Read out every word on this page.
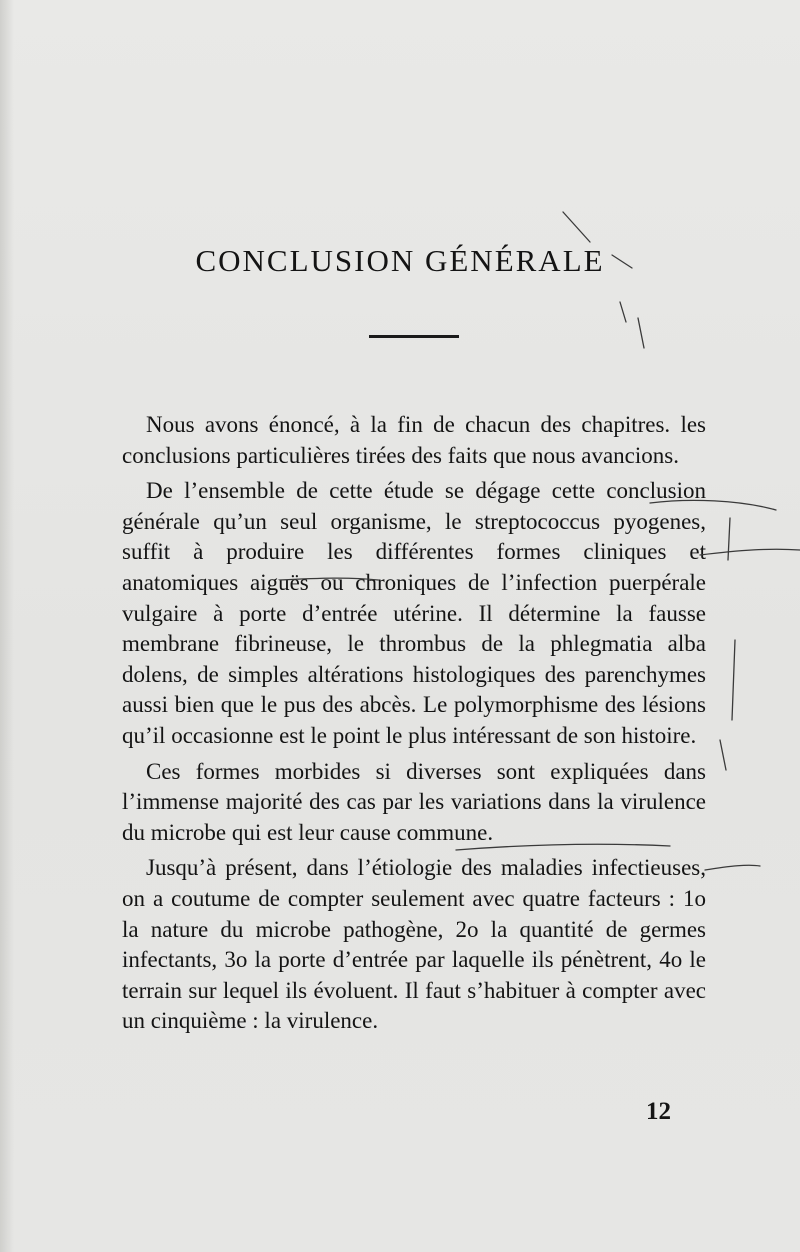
CONCLUSION GÉNÉRALE

Nous avons énoncé, à la fin de chacun des chapitres. les conclusions particulières tirées des faits que nous avancions.

De l’ensemble de cette étude se dégage cette conclusion générale qu’un seul organisme, le streptococcus pyogenes, suffit à produire les différentes formes cliniques et anatomiques aiguës ou chroniques de l’infection puerpérale vulgaire à porte d’entrée utérine. Il détermine la fausse membrane fibrineuse, le thrombus de la phlegmatia alba dolens, de simples altérations histologiques des parenchymes aussi bien que le pus des abcès. Le polymorphisme des lésions qu’il occasionne est le point le plus intéressant de son histoire.

Ces formes morbides si diverses sont expliquées dans l’immense majorité des cas par les variations dans la virulence du microbe qui est leur cause commune.

Jusqu’à présent, dans l’étiologie des maladies infectieuses, on a coutume de compter seulement avec quatre facteurs : 1o la nature du microbe pathogène, 2o la quantité de germes infectants, 3o la porte d’entrée par laquelle ils pénètrent, 4o le terrain sur lequel ils évoluent. Il faut s’habituer à compter avec un cinquième : la virulence.

12
